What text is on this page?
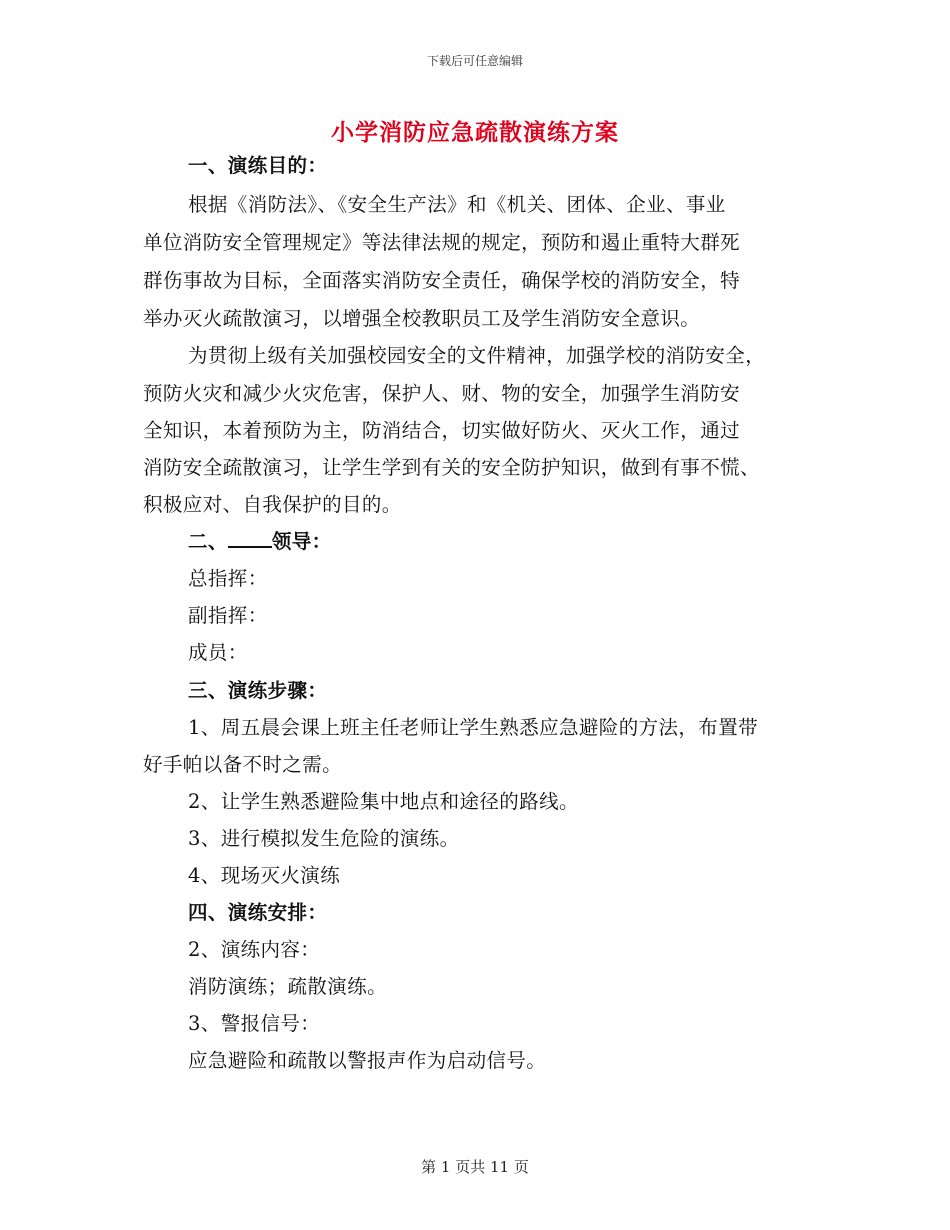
下载后可任意编辑
小学消防应急疏散演练方案
一、演练目的：
根据《消防法》、《安全生产法》和《机关、团体、企业、事业
单位消防安全管理规定》等法律法规的规定，预防和遏止重特大群死
群伤事故为目标，全面落实消防安全责任，确保学校的消防安全，特
举办灭火疏散演习，以增强全校教职员工及学生消防安全意识。
为贯彻上级有关加强校园安全的文件精神，加强学校的消防安全，
预防火灾和减少火灾危害，保护人、财、物的安全，加强学生消防安
全知识，本着预防为主，防消结合，切实做好防火、灭火工作，通过
消防安全疏散演习，让学生学到有关的安全防护知识，做到有事不慌、
积极应对、自我保护的目的。
二、 领导：
总指挥：
副指挥：
成员：
三、演练步骤：
1、周五晨会课上班主任老师让学生熟悉应急避险的方法，布置带
好手帕以备不时之需。
2、让学生熟悉避险集中地点和途径的路线。
3、进行模拟发生危险的演练。
4、现场灭火演练
四、演练安排：
2、演练内容：
消防演练；疏散演练。
3、警报信号：
应急避险和疏散以警报声作为启动信号。
第 1 页共 11 页
